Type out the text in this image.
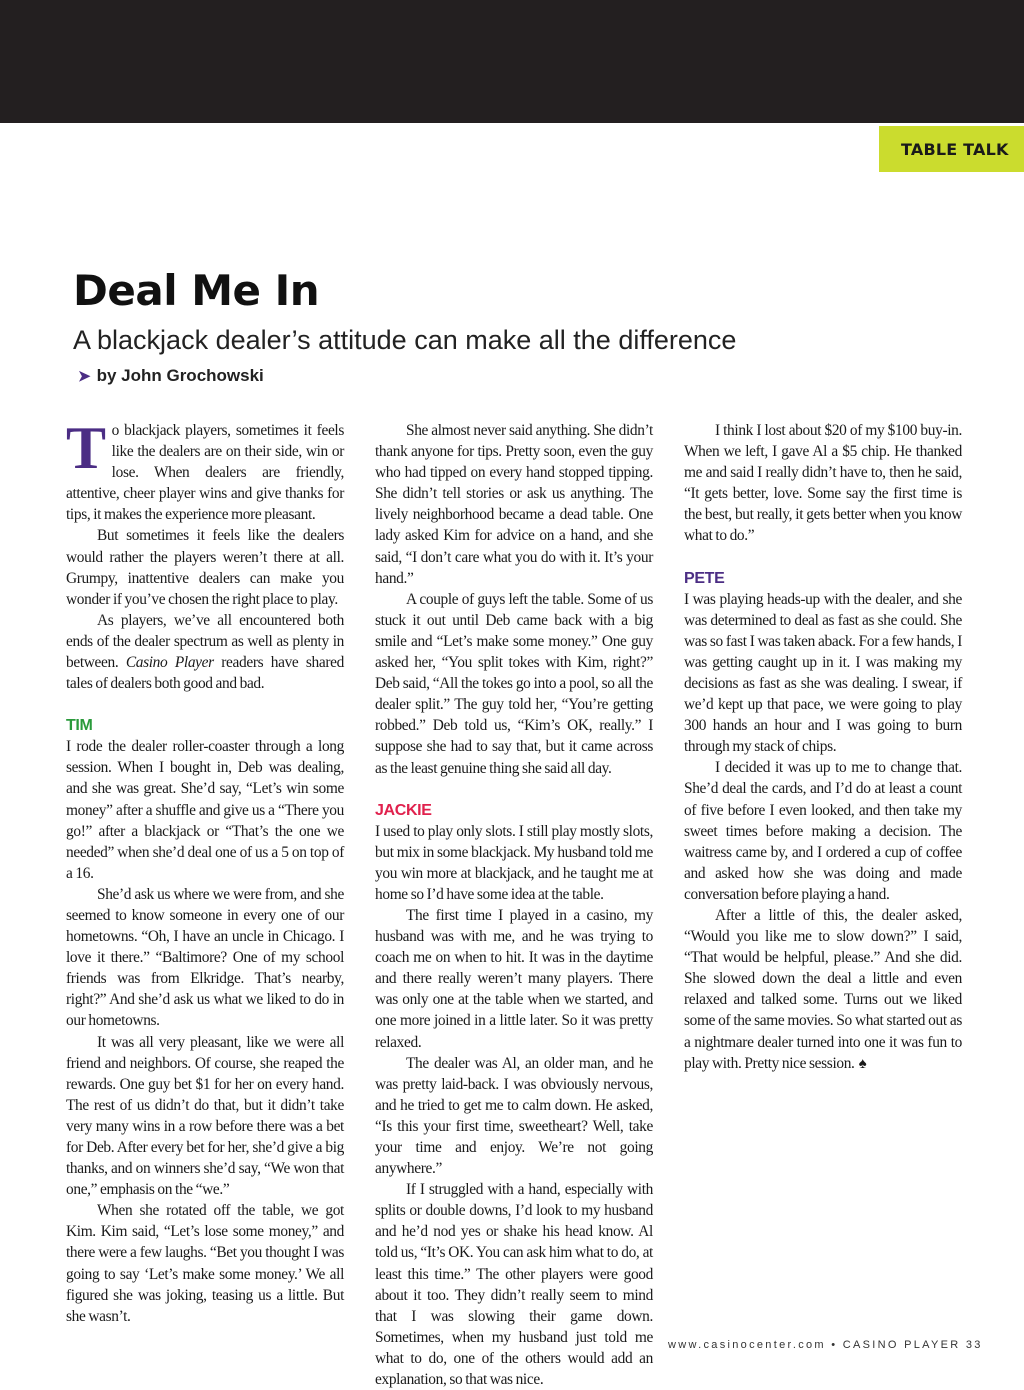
TABLE TALK
Deal Me In

A blackjack dealer’s attitude can make all the difference

➤ by John Grochowski

To blackjack players, sometimes it feels like the dealers are on their side, win or lose. When dealers are friendly, attentive, cheer player wins and give thanks for tips, it makes the experience more pleasant.

But sometimes it feels like the dealers would rather the players weren’t there at all. Grumpy, inattentive dealers can make you wonder if you’ve chosen the right place to play.

As players, we’ve all encountered both ends of the dealer spectrum as well as plenty in between. Casino Player readers have shared tales of dealers both good and bad.

TIM

I rode the dealer roller-coaster through a long session. When I bought in, Deb was dealing, and she was great. She’d say, “Let’s win some money” after a shuffle and give us a “There you go!” after a blackjack or “That’s the one we needed” when she’d deal one of us a 5 on top of a 16.

She’d ask us where we were from, and she seemed to know someone in every one of our hometowns. “Oh, I have an uncle in Chicago. I love it there.” “Baltimore? One of my school friends was from Elkridge. That’s nearby, right?” And she’d ask us what we liked to do in our hometowns.

It was all very pleasant, like we were all friend and neighbors. Of course, she reaped the rewards. One guy bet $1 for her on every hand. The rest of us didn’t do that, but it didn’t take very many wins in a row before there was a bet for Deb. After every bet for her, she’d give a big thanks, and on winners she’d say, “We won that one,” emphasis on the “we.”

When she rotated off the table, we got Kim. Kim said, “Let’s lose some money,” and there were a few laughs. “Bet you thought I was going to say ‘Let’s make some money.’ We all figured she was joking, teasing us a little. But she wasn’t.

She almost never said anything. She didn’t thank anyone for tips. Pretty soon, even the guy who had tipped on every hand stopped tipping. She didn’t tell stories or ask us anything. The lively neighborhood became a dead table. One lady asked Kim for advice on a hand, and she said, “I don’t care what you do with it. It’s your hand.”

A couple of guys left the table. Some of us stuck it out until Deb came back with a big smile and “Let’s make some money.” One guy asked her, “You split tokes with Kim, right?” Deb said, “All the tokes go into a pool, so all the dealer split.” The guy told her, “You’re getting robbed.” Deb told us, “Kim’s OK, really.” I suppose she had to say that, but it came across as the least genuine thing she said all day.

JACKIE

I used to play only slots. I still play mostly slots, but mix in some blackjack. My husband told me you win more at blackjack, and he taught me at home so I’d have some idea at the table.

The first time I played in a casino, my husband was with me, and he was trying to coach me on when to hit. It was in the daytime and there really weren’t many players. There was only one at the table when we started, and one more joined in a little later. So it was pretty relaxed.

The dealer was Al, an older man, and he was pretty laid-back. I was obviously nervous, and he tried to get me to calm down. He asked, “Is this your first time, sweetheart? Well, take your time and enjoy. We’re not going anywhere.”

If I struggled with a hand, especially with splits or double downs, I’d look to my husband and he’d nod yes or shake his head know. Al told us, “It’s OK. You can ask him what to do, at least this time.” The other players were good about it too. They didn’t really seem to mind that I was slowing their game down. Sometimes, when my husband just told me what to do, one of the others would add an explanation, so that was nice.

I think I lost about $20 of my $100 buy-in. When we left, I gave Al a $5 chip. He thanked me and said I really didn’t have to, then he said, “It gets better, love. Some say the first time is the best, but really, it gets better when you know what to do.”

PETE

I was playing heads-up with the dealer, and she was determined to deal as fast as she could. She was so fast I was taken aback. For a few hands, I was getting caught up in it. I was making my decisions as fast as she was dealing. I swear, if we’d kept up that pace, we were going to play 300 hands an hour and I was going to burn through my stack of chips.

I decided it was up to me to change that. She’d deal the cards, and I’d do at least a count of five before I even looked, and then take my sweet times before making a decision. The waitress came by, and I ordered a cup of coffee and asked how she was doing and made conversation before playing a hand.

After a little of this, the dealer asked, “Would you like me to slow down?” I said, “That would be helpful, please.” And she did. She slowed down the deal a little and even relaxed and talked some. Turns out we liked some of the same movies. So what started out as a nightmare dealer turned into one it was fun to play with. Pretty nice session. ♠

www.casinocenter.com • CASINO PLAYER 33
